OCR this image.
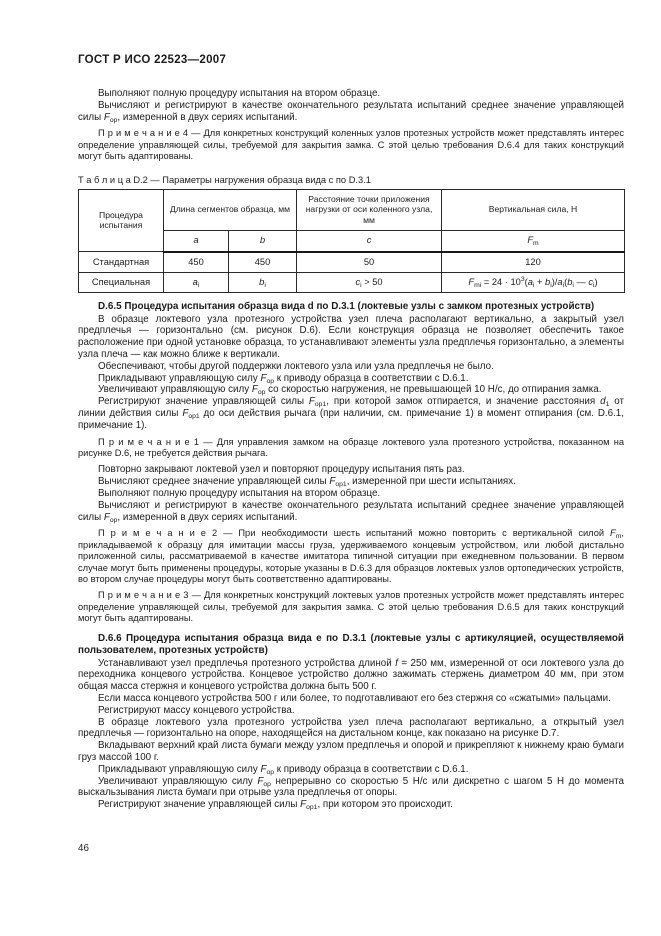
ГОСТ Р ИСО 22523—2007

Выполняют полную процедуру испытания на втором образце.

Вычисляют и регистрируют в качестве окончательного результата испытаний среднее значение управляющей силы $F_{op}$, измеренной в двух сериях испытаний.

П р и м е ч а н и е 4 — Для конкретных конструкций коленных узлов протезных устройств может представлять интерес определение управляющей силы, требуемой для закрытия замка. С этой целью требования D.6.4 для таких конструкций могут быть адаптированы.

Т а б л и ц а D.2 — Параметры нагружения образца вида с по D.3.1
Процедура испытания	Длина сегментов образца, мм		Расстояние точки приложения нагрузки от оси коленного узла, мм	Вертикальная сила, Н
	a	b	c	$F_m$
Стандартная	450	450	50	120
Специальная	$a_i$	$b_i$	$c_i > 50$	$F_{mi} = 24 \cdot 10^3(a_i + b_i)/a_i(b_i$ — $c_i$)

D.6.5 Процедура испытания образца вида d по D.3.1 (локтевые узлы с замком протезных устройств)

В образце локтевого узла протезного устройства узел плеча располагают вертикально, а закрытый узел предплечья — горизонтально (см. рисунок D.6). Если конструкция образца не позволяет обеспечить такое расположение при одной установке образца, то устанавливают элементы узла предплечья горизонтально, а элементы узла плеча — как можно ближе к вертикали.

Обеспечивают, чтобы другой поддержки локтевого узла или узла предплечья не было.

Прикладывают управляющую силу $F_{op}$ к приводу образца в соответствии с D.6.1.

Увеличивают управляющую силу $F_{op}$ со скоростью нагружения, не превышающей 10 Н/с, до отпирания замка.

Регистрируют значение управляющей силы $F_{op1}$, при которой замок отпирается, и значение расстояния $d_1$ от линии действия силы $F_{op1}$ до оси действия рычага (при наличии, см. примечание 1) в момент отпирания (см. D.6.1, примечание 1).

П р и м е ч а н и е 1 — Для управления замком на образце локтевого узла протезного устройства, показанном на рисунке D.6, не требуется действия рычага.

Повторно закрывают локтевой узел и повторяют процедуру испытания пять раз.

Вычисляют среднее значение управляющей силы $F_{op1}$, измеренной при шести испытаниях.

Выполняют полную процедуру испытания на втором образце.

Вычисляют и регистрируют в качестве окончательного результата испытаний среднее значение управляющей силы $F_{op}$, измеренной в двух сериях испытаний.

П р и м е ч а н и е 2 — При необходимости шесть испытаний можно повторить с вертикальной силой $F_m$, прикладываемой к образцу для имитации массы груза, удерживаемого концевым устройством, или любой дистально приложенной силы, рассматриваемой в качестве имитатора типичной ситуации при ежедневном пользовании. В первом случае могут быть применены процедуры, которые указаны в D.6.3 для образцов локтевых узлов ортопедических устройств, во втором случае процедуры могут быть соответственно адаптированы.

П р и м е ч а н и е 3 — Для конкретных конструкций локтевых узлов протезных устройств может представлять интерес определение управляющей силы, требуемой для закрытия замка. С этой целью требования D.6.5 для таких конструкций могут быть адаптированы.

D.6.6 Процедура испытания образца вида е по D.3.1 (локтевые узлы с артикуляцией, осуществляемой пользователем, протезных устройств)

Устанавливают узел предплечья протезного устройства длиной f = 250 мм, измеренной от оси локтевого узла до переходника концевого устройства. Концевое устройство должно зажимать стержень диаметром 40 мм, при этом общая масса стержня и концевого устройства должна быть 500 г.

Если масса концевого устройства 500 г или более, то подготавливают его без стержня со «сжатыми» пальцами.

Регистрируют массу концевого устройства.

В образце локтевого узла протезного устройства узел плеча располагают вертикально, а открытый узел предплечья — горизонтально на опоре, находящейся на дистальном конце, как показано на рисунке D.7.

Вкладывают верхний край листа бумаги между узлом предплечья и опорой и прикрепляют к нижнему краю бумаги груз массой 100 г.

Прикладывают управляющую силу $F_{op}$ к приводу образца в соответствии с D.6.1.

Увеличивают управляющую силу $F_{op}$ непрерывно со скоростью 5 Н/с или дискретно с шагом 5 Н до момента выскальзывания листа бумаги при отрыве узла предплечья от опоры.

Регистрируют значение управляющей силы $F_{op1}$, при котором это происходит.

46
